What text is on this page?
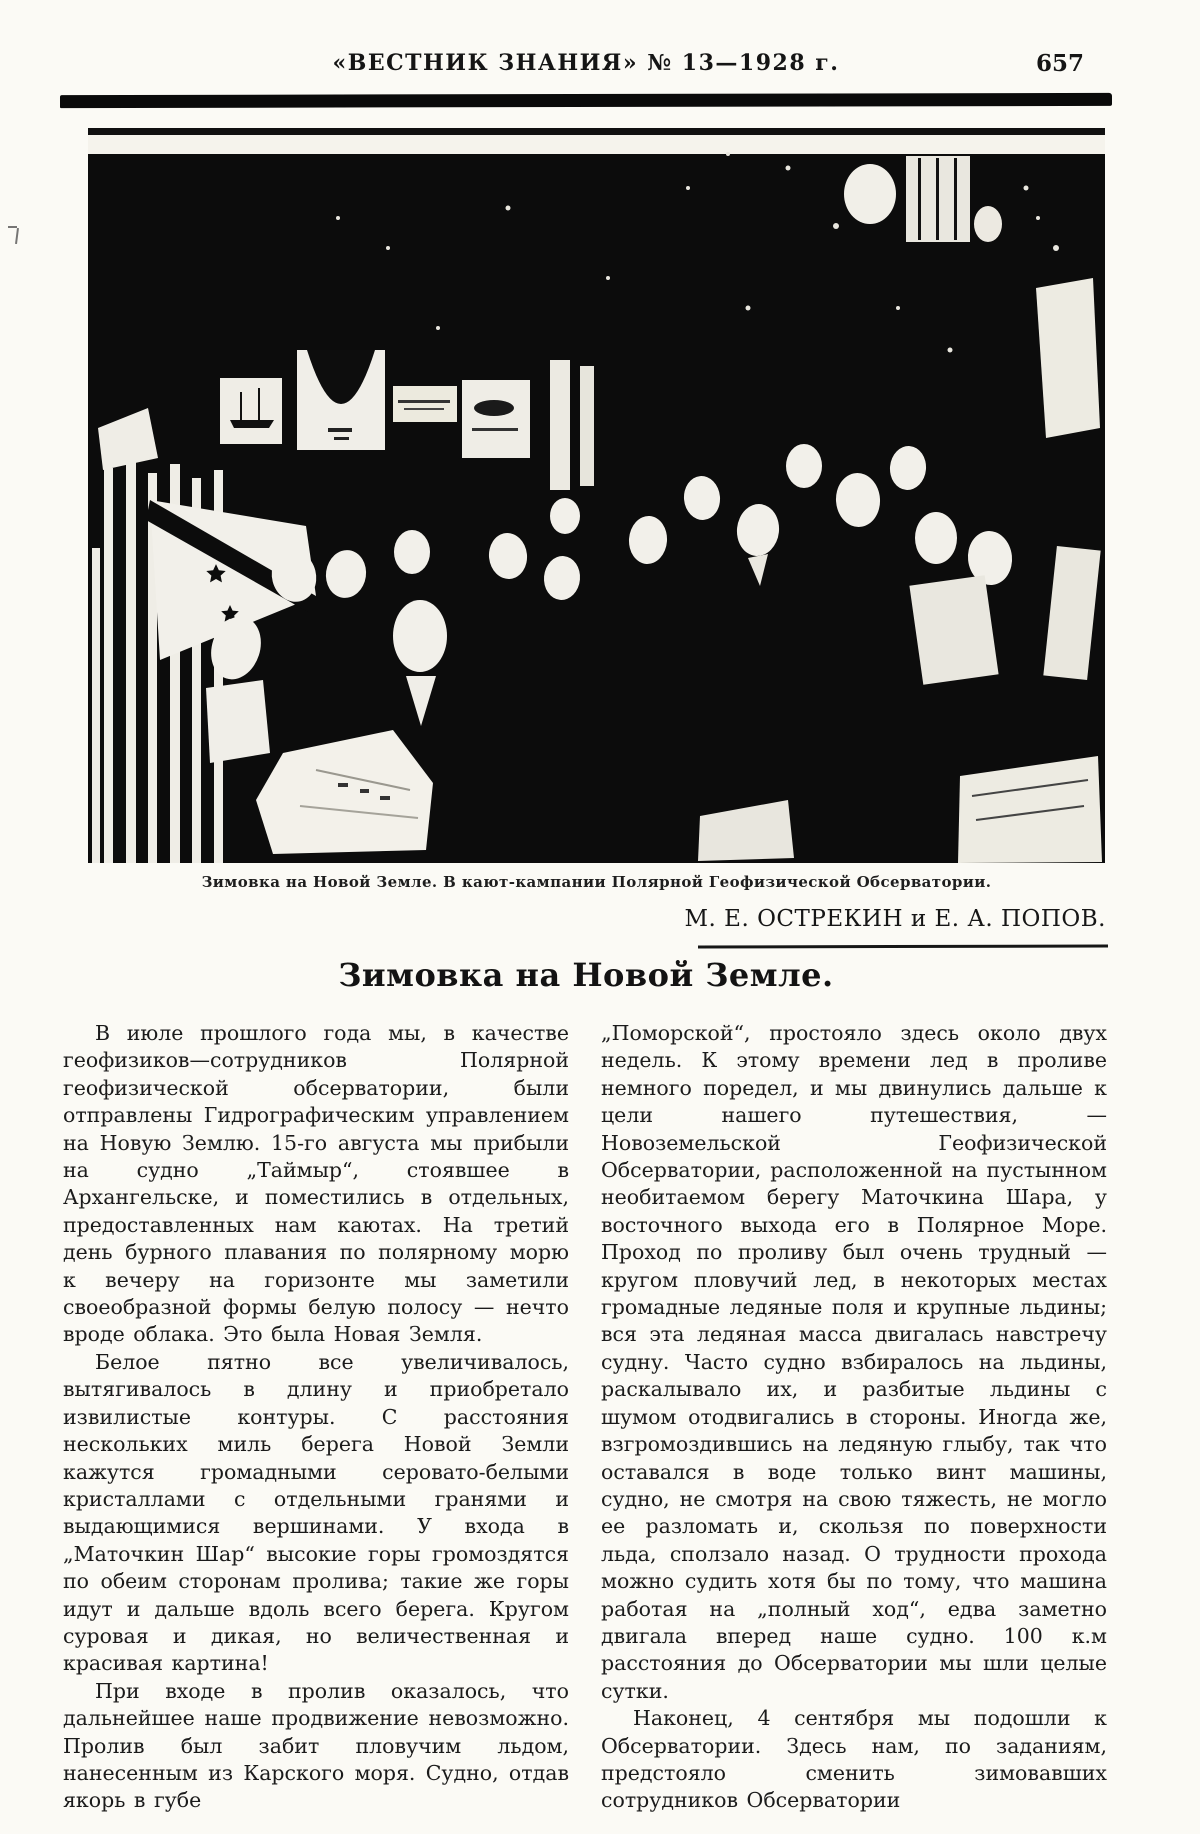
«ВЕСТНИК ЗНАНИЯ» № 13—1928 г.	657
Зимовка на Новой Земле. В кают-кампании Полярной Геофизической Обсерватории.
М. Е. ОСТРЕКИН и Е. А. ПОПОВ.
Зимовка на Новой Земле.

В июле прошлого года мы, в качестве геофизиков—сотрудников Полярной геофизической обсерватории, были отправлены Гидрографическим управлением на Новую Землю. 15-го августа мы прибыли на судно „Таймыр“, стоявшее в Архангельске, и поместились в отдельных, предоставленных нам каютах. На третий день бурного плавания по полярному морю к вечеру на горизонте мы заметили своеобразной формы белую полосу — нечто вроде облака. Это была Новая Земля.

Белое пятно все увеличивалось, вытягивалось в длину и приобретало извилистые контуры. С расстояния нескольких миль берега Новой Земли кажутся громадными серовато-белыми кристаллами с отдельными гранями и выдающимися вершинами. У входа в „Маточкин Шар“ высокие горы громоздятся по обеим сторонам пролива; такие же горы идут и дальше вдоль всего берега. Кругом суровая и дикая, но величественная и красивая картина!

При входе в пролив оказалось, что дальнейшее наше продвижение невозможно. Пролив был забит пловучим льдом, нанесенным из Карского моря. Судно, отдав якорь в губе

„Поморской“, простояло здесь около двух недель. К этому времени лед в проливе немного поредел, и мы двинулись дальше к цели нашего путешествия, — Новоземельской Геофизической Обсерватории, расположенной на пустынном необитаемом берегу Маточкина Шара, у восточного выхода его в Полярное Море. Проход по проливу был очень трудный — кругом пловучий лед, в некоторых местах громадные ледяные поля и крупные льдины; вся эта ледяная масса двигалась навстречу судну. Часто судно взбиралось на льдины, раскалывало их, и разбитые льдины с шумом отодвигались в стороны. Иногда же, взгромоздившись на ледяную глыбу, так что оставался в воде только винт машины, судно, не смотря на свою тяжесть, не могло ее разломать и, скользя по поверхности льда, сползало назад. О трудности прохода можно судить хотя бы по тому, что машина работая на „полный ход“, едва заметно двигала вперед наше судно. 100 к.м расстояния до Обсерватории мы шли целые сутки.

Наконец, 4 сентября мы подошли к Обсерватории. Здесь нам, по заданиям, предстояло сменить зимовавших сотрудников Обсерватории
